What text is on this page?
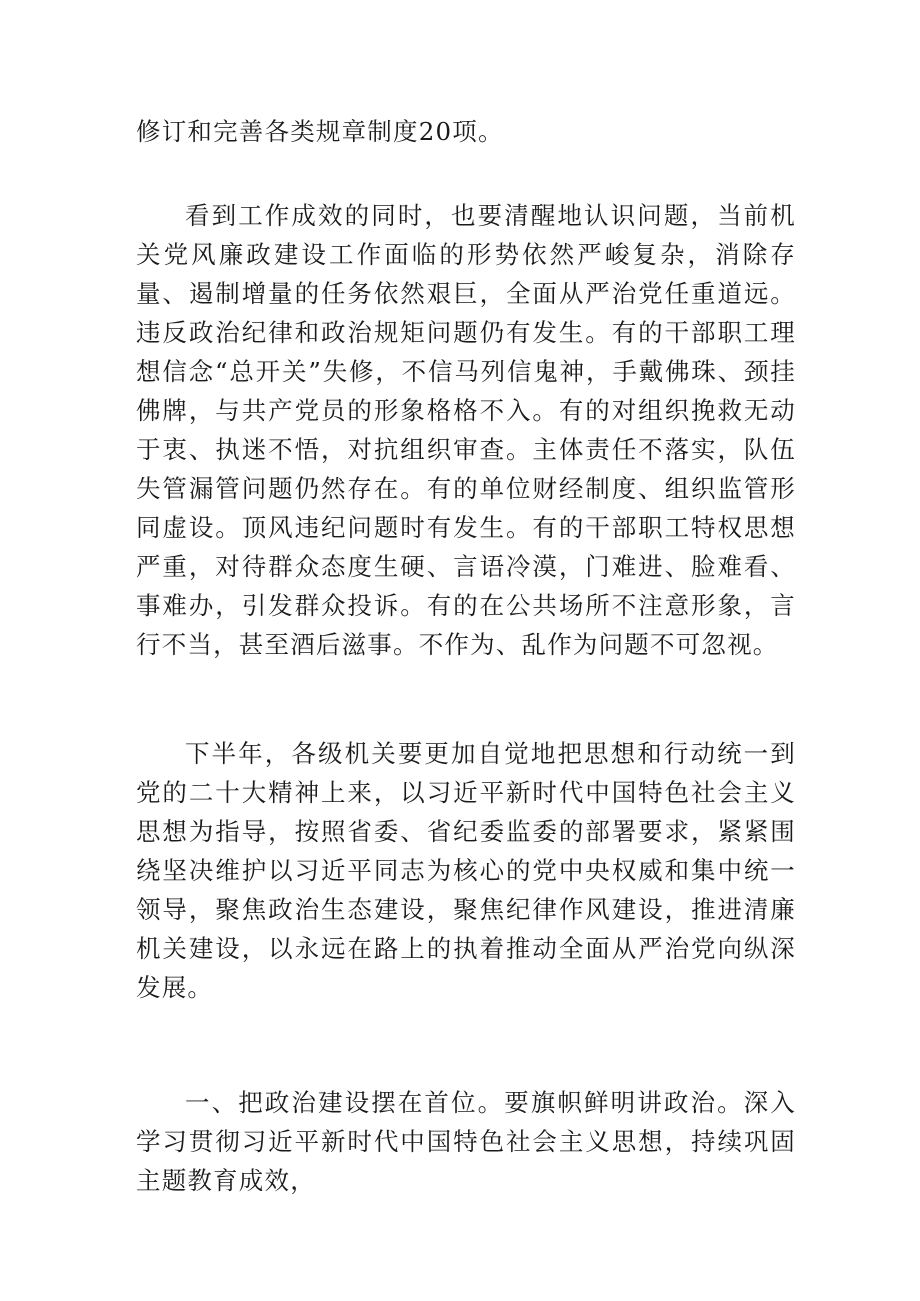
修订和完善各类规章制度20项。

看到工作成效的同时，也要清醒地认识问题，当前机关党风廉政建设工作面临的形势依然严峻复杂，消除存量、遏制增量的任务依然艰巨，全面从严治党任重道远。违反政治纪律和政治规矩问题仍有发生。有的干部职工理想信念“总开关”失修，不信马列信鬼神，手戴佛珠、颈挂佛牌，与共产党员的形象格格不入。有的对组织挽救无动于衷、执迷不悟，对抗组织审查。主体责任不落实，队伍失管漏管问题仍然存在。有的单位财经制度、组织监管形同虚设。顶风违纪问题时有发生。有的干部职工特权思想严重，对待群众态度生硬、言语冷漠，门难进、脸难看、事难办，引发群众投诉。有的在公共场所不注意形象，言行不当，甚至酒后滋事。不作为、乱作为问题不可忽视。

下半年，各级机关要更加自觉地把思想和行动统一到党的二十大精神上来，以习近平新时代中国特色社会主义思想为指导，按照省委、省纪委监委的部署要求，紧紧围绕坚决维护以习近平同志为核心的党中央权威和集中统一领导，聚焦政治生态建设，聚焦纪律作风建设，推进清廉机关建设，以永远在路上的执着推动全面从严治党向纵深发展。

一、把政治建设摆在首位。要旗帜鲜明讲政治。深入学习贯彻习近平新时代中国特色社会主义思想，持续巩固主题教育成效，
